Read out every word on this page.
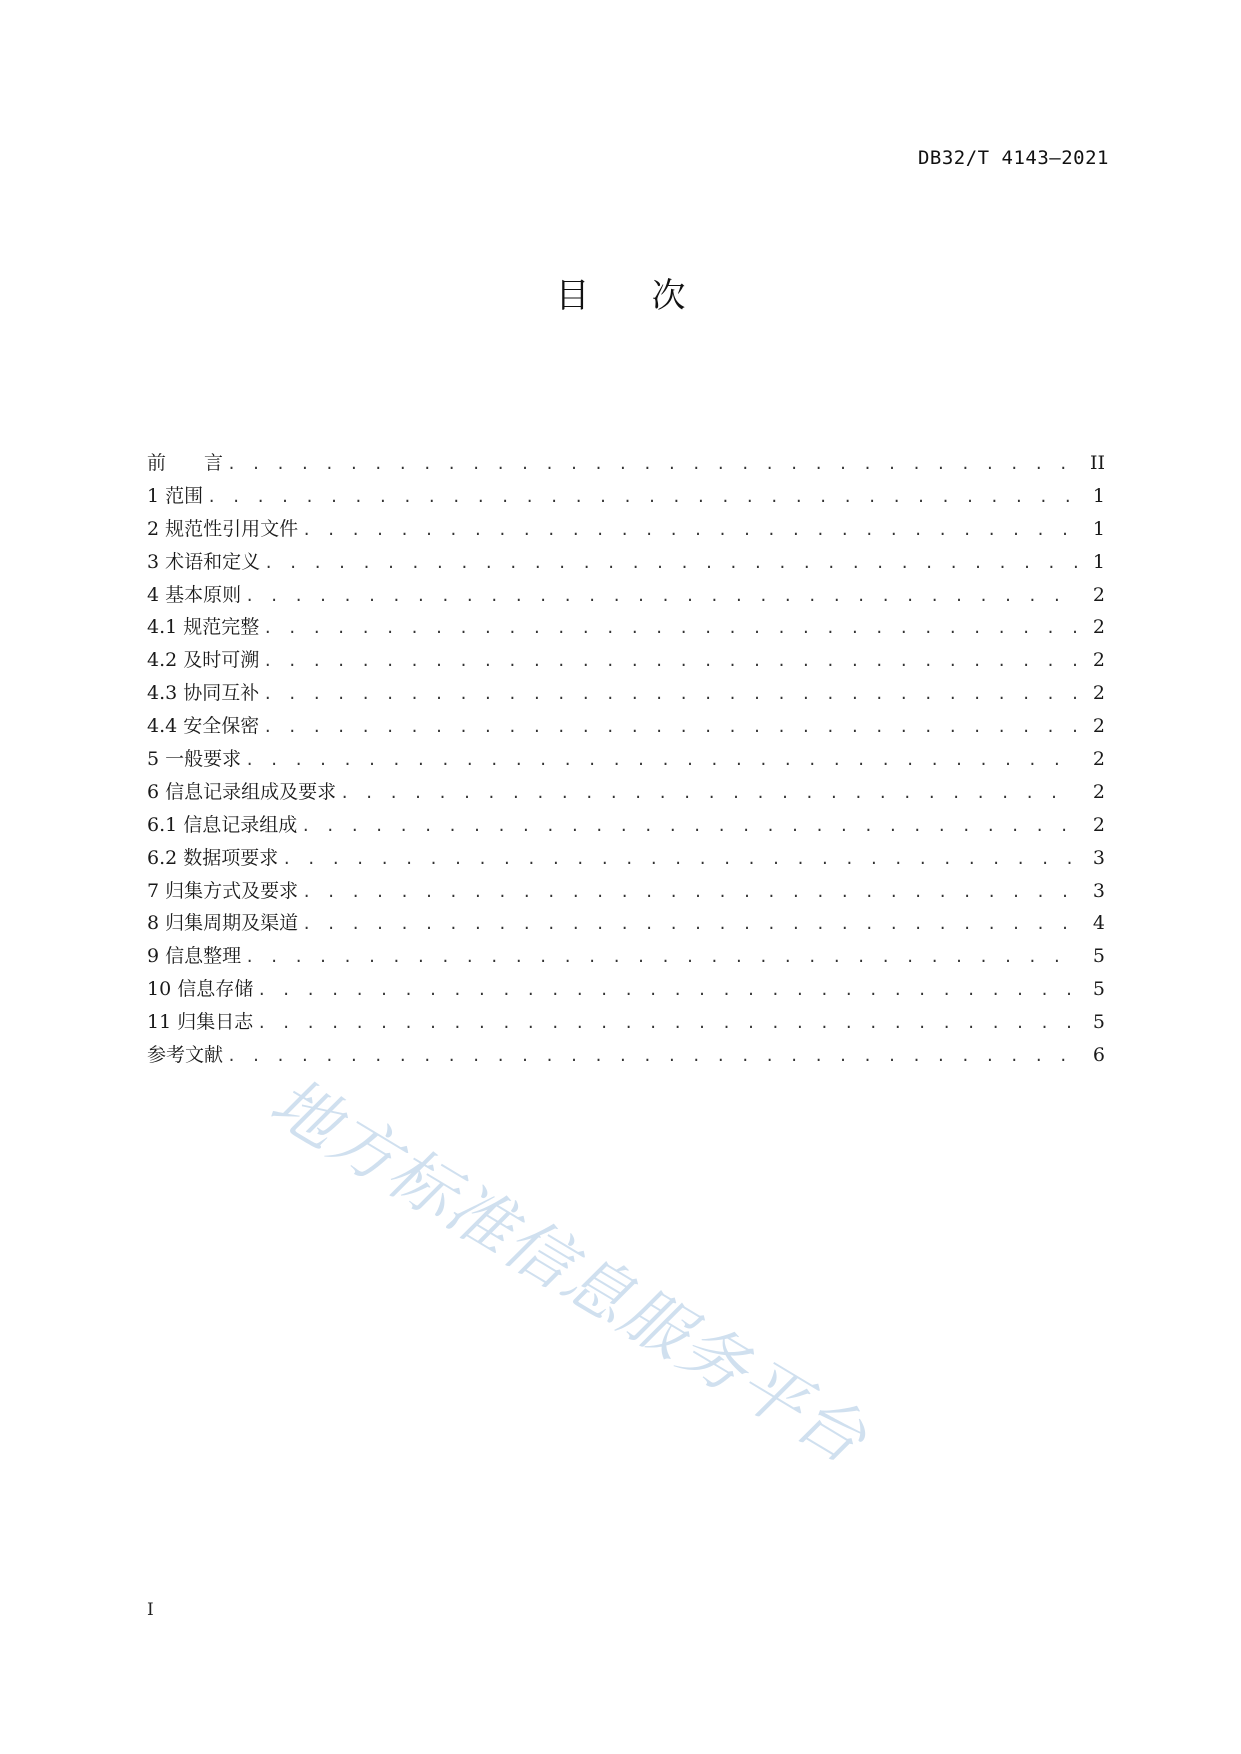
DB32/T 4143—2021
目 次
前　　言 . . .	II
1 范围 . . .	1
2 规范性引用文件 . . .	1
3 术语和定义 . . .	1
4 基本原则 . . .	2
4.1 规范完整 . . .	2
4.2 及时可溯 . . .	2
4.3 协同互补 . . .	2
4.4 安全保密 . . .	2
5 一般要求 . . .	2
6 信息记录组成及要求 . . .	2
6.1 信息记录组成 . . .	2
6.2 数据项要求 . . .	3
7 归集方式及要求 . . .	3
8 归集周期及渠道 . . .	4
9 信息整理 . . .	5
10 信息存储 . . .	5
11 归集日志 . . .	5
参考文献 . . .	6
地方标准信息服务平台
I
